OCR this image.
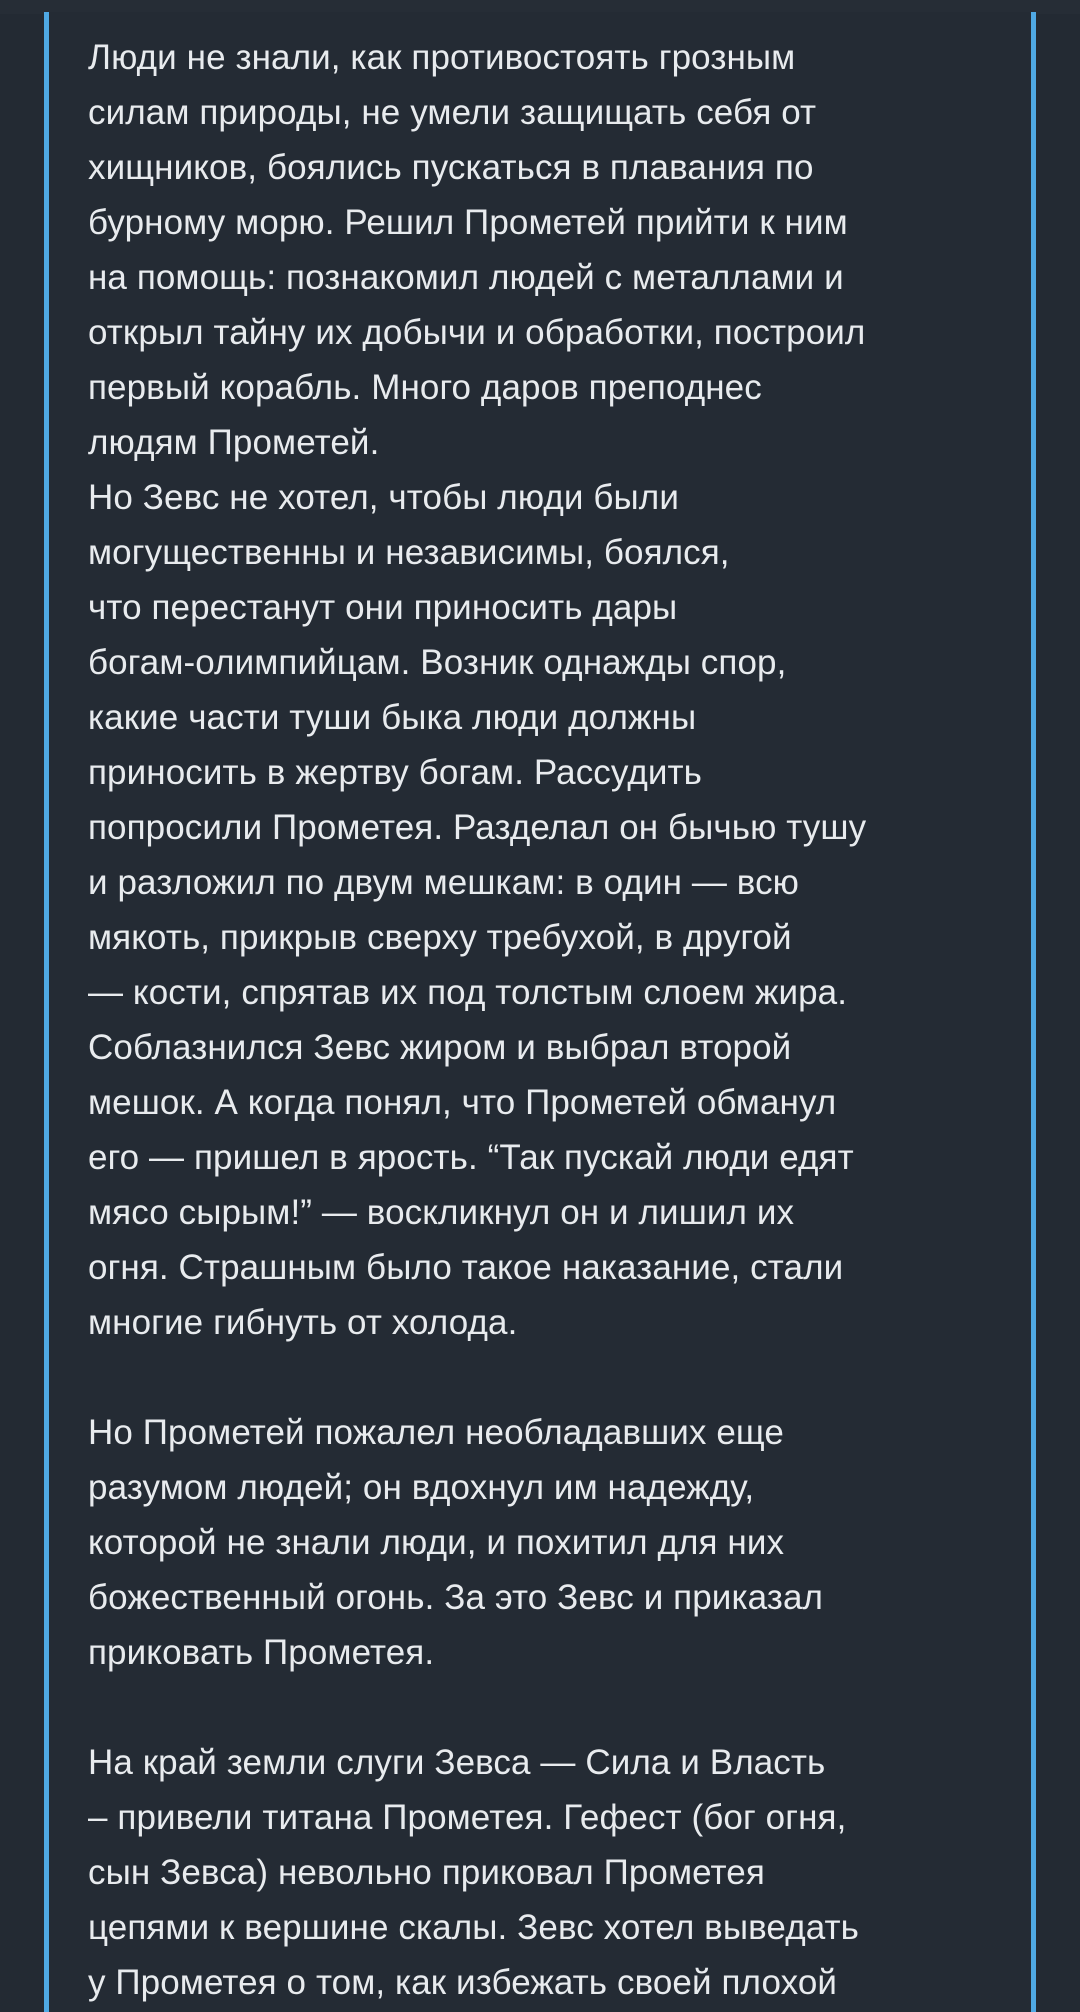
Люди не знали, как противостоять грозным
силам природы, не умели защищать себя от
хищников, боялись пускаться в плавания по
бурному морю. Решил Прометей прийти к ним
на помощь: познакомил людей с металлами и
открыл тайну их добычи и обработки, построил
первый корабль. Много даров преподнес
людям Прометей.
Но Зевс не хотел, чтобы люди были
могущественны и независимы, боялся,
что перестанут они приносить дары
богам-олимпийцам. Возник однажды спор,
какие части туши быка люди должны
приносить в жертву богам. Рассудить
попросили Прометея. Разделал он бычью тушу
и разложил по двум мешкам: в один — всю
мякоть, прикрыв сверху требухой, в другой
— кости, спрятав их под толстым слоем жира.
Соблазнился Зевс жиром и выбрал второй
мешок. А когда понял, что Прометей обманул
его — пришел в ярость. “Так пускай люди едят
мясо сырым!” — воскликнул он и лишил их
огня. Страшным было такое наказание, стали
многие гибнуть от холода.
Но Прометей пожалел необладавших еще
разумом людей; он вдохнул им надежду,
которой не знали люди, и похитил для них
божественный огонь. За это Зевс и приказал
приковать Прометея.
На край земли слуги Зевса — Сила и Власть
– привели титана Прометея. Гефест (бог огня,
сын Зевса) невольно приковал Прометея
цепями к вершине скалы. Зевс хотел выведать
у Прометея о том, как избежать своей плохой
